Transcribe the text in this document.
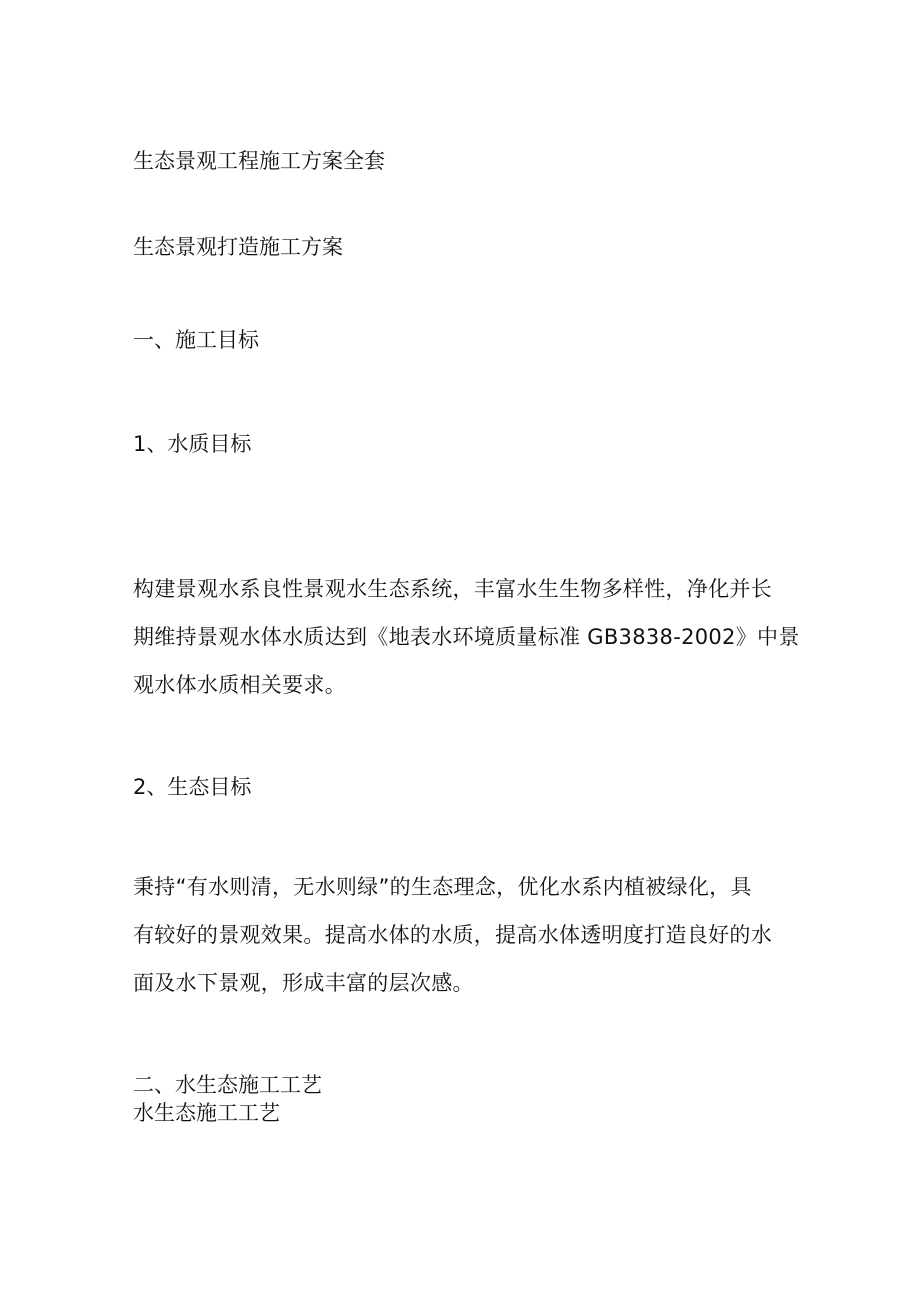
生态景观工程施工方案全套
生态景观打造施工方案
一、施工目标
1、水质目标
构建景观水系良性景观水生态系统，丰富水生生物多样性，净化并长
期维持景观水体水质达到《地表水环境质量标准 GB3838-2002》中景
观水体水质相关要求。
2、生态目标
秉持“有水则清，无水则绿”的生态理念，优化水系内植被绿化，具
有较好的景观效果。提高水体的水质，提高水体透明度打造良好的水
面及水下景观，形成丰富的层次感。
二、水生态施工工艺
水生态施工工艺
